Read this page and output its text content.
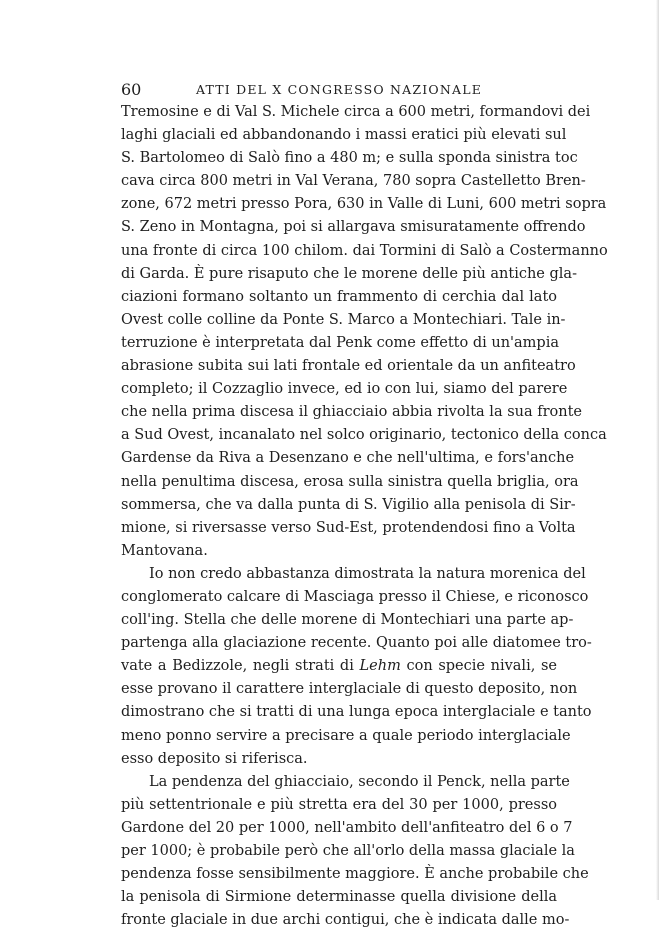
60	ATTI DEL X CONGRESSO NAZIONALE
Tremosine e di Val S. Michele circa a 600 metri, formandovi dei
laghi glaciali ed abbandonando i massi eratici più elevati sul
S. Bartolomeo di Salò fino a 480 m; e sulla sponda sinistra toc
cava circa 800 metri in Val Verana, 780 sopra Castelletto Bren-
zone, 672 metri presso Pora, 630 in Valle di Luni, 600 metri sopra
S. Zeno in Montagna, poi si allargava smisuratamente offrendo
una fronte di circa 100 chilom. dai Tormini di Salò a Costermanno
di Garda. È pure risaputo che le morene delle più antiche gla-
ciazioni formano soltanto un frammento di cerchia dal lato
Ovest colle colline da Ponte S. Marco a Montechiari. Tale in-
terruzione è interpretata dal Penk come effetto di un'ampia
abrasione subita sui lati frontale ed orientale da un anfiteatro
completo; il Cozzaglio invece, ed io con lui, siamo del parere
che nella prima discesa il ghiacciaio abbia rivolta la sua fronte
a Sud Ovest, incanalato nel solco originario, tectonico della conca
Gardense da Riva a Desenzano e che nell'ultima, e fors'anche
nella penultima discesa, erosa sulla sinistra quella briglia, ora
sommersa, che va dalla punta di S. Vigilio alla penisola di Sir-
mione, si riversasse verso Sud-Est, protendendosi fino a Volta
Mantovana.
Io non credo abbastanza dimostrata la natura morenica del
conglomerato calcare di Masciaga presso il Chiese, e riconosco
coll'ing. Stella che delle morene di Montechiari una parte ap-
partenga alla glaciazione recente. Quanto poi alle diatomee tro-
vate a Bedizzole, negli strati di Lehm con specie nivali, se
esse provano il carattere interglaciale di questo deposito, non
dimostrano che si tratti di una lunga epoca interglaciale e tanto
meno ponno servire a precisare a quale periodo interglaciale
esso deposito si riferisca.
La pendenza del ghiacciaio, secondo il Penck, nella parte
più settentrionale e più stretta era del 30 per 1000, presso
Gardone del 20 per 1000, nell'ambito dell'anfiteatro del 6 o 7
per 1000; è probabile però che all'orlo della massa glaciale la
pendenza fosse sensibilmente maggiore. È anche probabile che
la penisola di Sirmione determinasse quella divisione della
fronte glaciale in due archi contigui, che è indicata dalle mo-
